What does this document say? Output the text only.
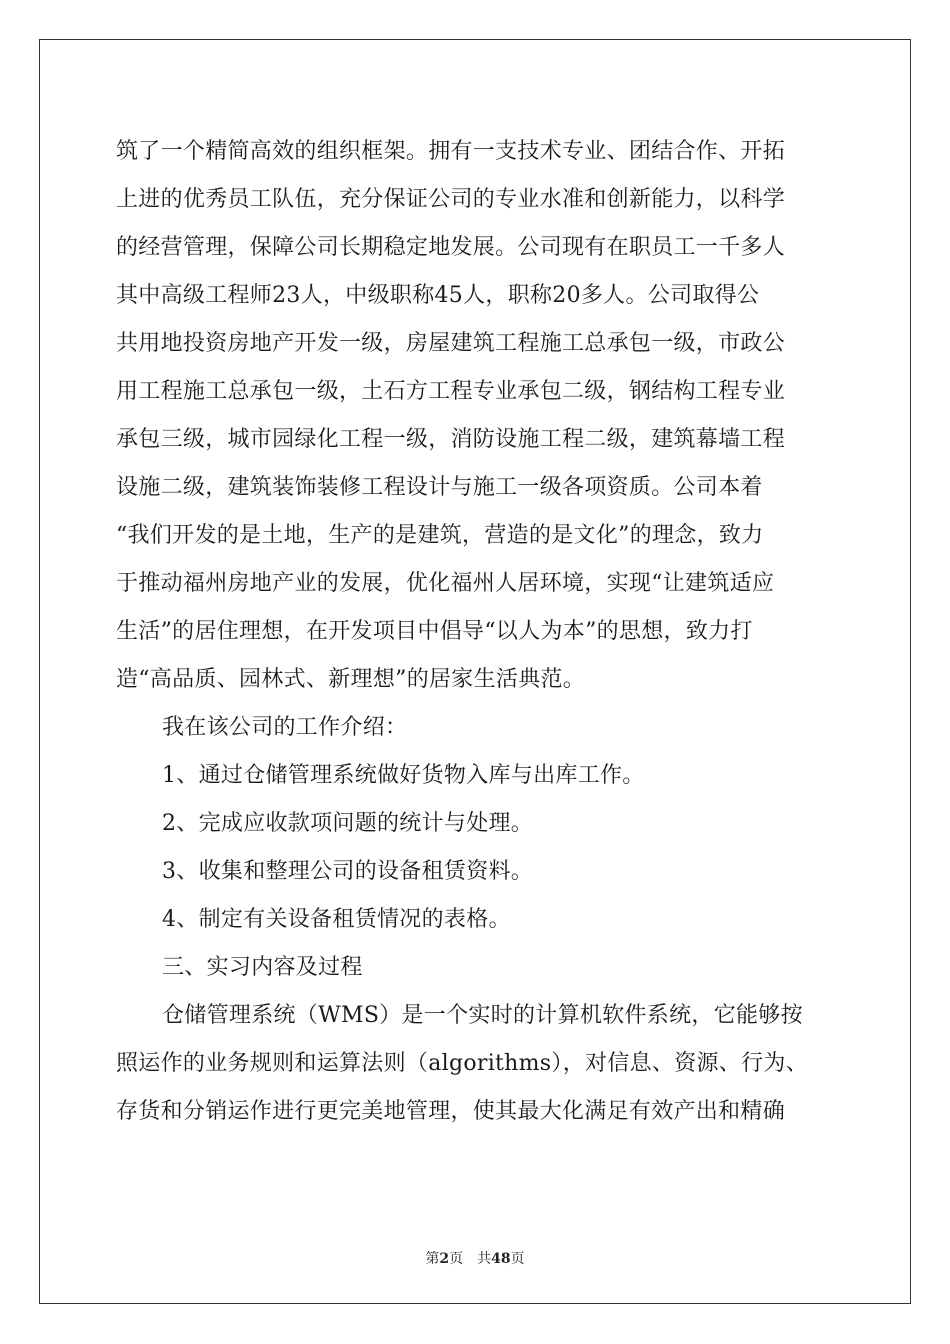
筑了一个精简高效的组织框架。拥有一支技术专业、团结合作、开拓
上进的优秀员工队伍，充分保证公司的专业水准和创新能力，以科学
的经营管理，保障公司长期稳定地发展。公司现有在职员工一千多人
其中高级工程师23人，中级职称45人，职称20多人。公司取得公
共用地投资房地产开发一级，房屋建筑工程施工总承包一级，市政公
用工程施工总承包一级，土石方工程专业承包二级，钢结构工程专业
承包三级，城市园绿化工程一级，消防设施工程二级，建筑幕墙工程
设施二级，建筑装饰装修工程设计与施工一级各项资质。公司本着
“我们开发的是土地，生产的是建筑，营造的是文化”的理念，致力
于推动福州房地产业的发展，优化福州人居环境，实现“让建筑适应
生活”的居住理想，在开发项目中倡导“以人为本”的思想，致力打
造“高品质、园林式、新理想”的居家生活典范。
我在该公司的工作介绍：
1、通过仓储管理系统做好货物入库与出库工作。
2、完成应收款项问题的统计与处理。
3、收集和整理公司的设备租赁资料。
4、制定有关设备租赁情况的表格。
三、实习内容及过程
仓储管理系统（WMS）是一个实时的计算机软件系统，它能够按
照运作的业务规则和运算法则（algorithms），对信息、资源、行为、
存货和分销运作进行更完美地管理，使其最大化满足有效产出和精确
第2页 共48页
